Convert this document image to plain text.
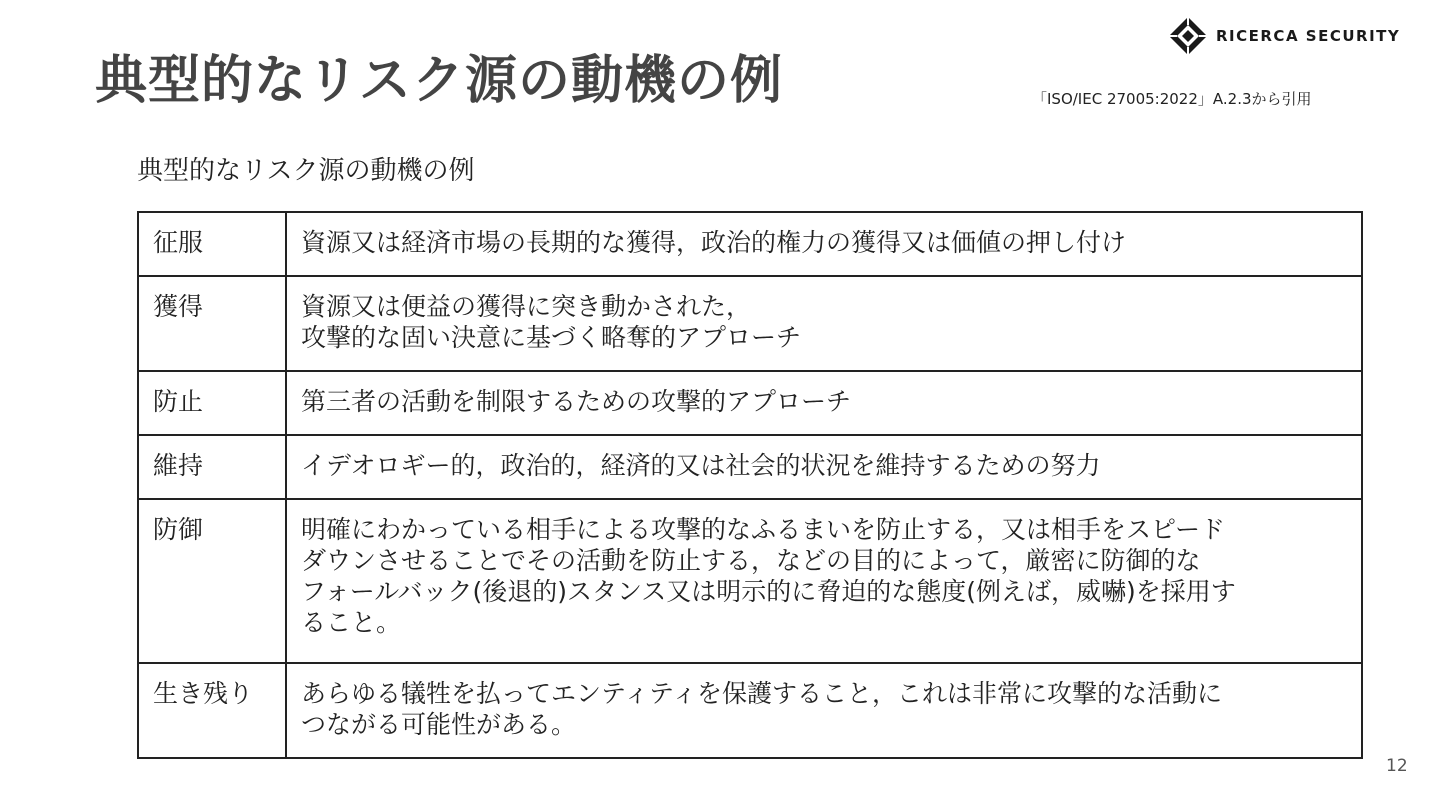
典型的なリスク源の動機の例
RICERCA SECURITY
「ISO/IEC 27005:2022」A.2.3から引用

典型的なリスク源の動機の例

征服	資源又は経済市場の長期的な獲得，政治的権力の獲得又は価値の押し付け

獲得	資源又は便益の獲得に突き動かされた，
攻撃的な固い決意に基づく略奪的アプローチ

防止	第三者の活動を制限するための攻撃的アプローチ

維持	イデオロギー的，政治的，経済的又は社会的状況を維持するための努力

防御	明確にわかっている相手による攻撃的なふるまいを防止する，又は相手をスピード
ダウンさせることでその活動を防止する，などの目的によって，厳密に防御的な
フォールバック(後退的)スタンス又は明示的に脅迫的な態度(例えば，威嚇)を採用す
ること。

生き残り	あらゆる犠牲を払ってエンティティを保護すること，これは非常に攻撃的な活動に
つながる可能性がある。
12
